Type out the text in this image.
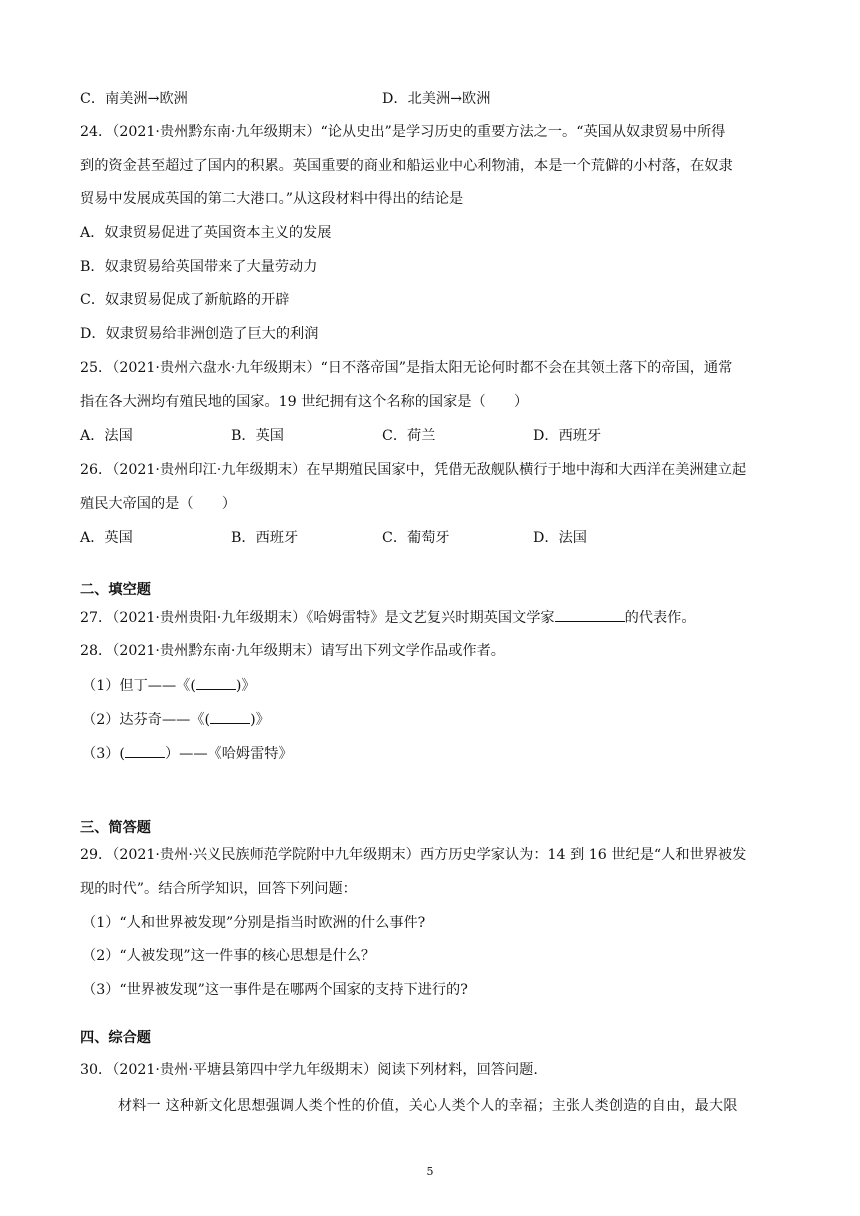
C．南美洲→欧洲	D．北美洲→欧洲
24．（2021·贵州黔东南·九年级期末）“论从史出”是学习历史的重要方法之一。“英国从奴隶贸易中所得
到的资金甚至超过了国内的积累。英国重要的商业和船运业中心利物浦，本是一个荒僻的小村落，在奴隶
贸易中发展成英国的第二大港口。”从这段材料中得出的结论是
A．奴隶贸易促进了英国资本主义的发展
B．奴隶贸易给英国带来了大量劳动力
C．奴隶贸易促成了新航路的开辟
D．奴隶贸易给非洲创造了巨大的利润
25．（2021·贵州六盘水·九年级期末）“日不落帝国”是指太阳无论何时都不会在其领土落下的帝国，通常
指在各大洲均有殖民地的国家。19 世纪拥有这个名称的国家是（　　）
A．法国	B．英国	C．荷兰	D．西班牙
26．（2021·贵州印江·九年级期末）在早期殖民国家中，凭借无敌舰队横行于地中海和大西洋在美洲建立起
殖民大帝国的是（　　）
A．英国	B．西班牙	C．葡萄牙	D．法国
二、填空题
27．（2021·贵州贵阳·九年级期末）《哈姆雷特》是文艺复兴时期英国文学家	的代表作。
28．（2021·贵州黔东南·九年级期末）请写出下列文学作品或作者。
（1）但丁——《(	)》
（2）达芬奇——《(	)》
（3）(	）——《哈姆雷特》
三、简答题
29．（2021·贵州·兴义民族师范学院附中九年级期末）西方历史学家认为：14 到 16 世纪是“人和世界被发
现的时代”。结合所学知识，回答下列问题：
（1）“人和世界被发现”分别是指当时欧洲的什么事件?
（2）“人被发现”这一件事的核心思想是什么？
（3）“世界被发现”这一事件是在哪两个国家的支持下进行的?
四、综合题
30．（2021·贵州·平塘县第四中学九年级期末）阅读下列材料，回答问题.
材料一 这种新文化思想强调人类个性的价值，关心人类个人的幸福；主张人类创造的自由，最大限
5
